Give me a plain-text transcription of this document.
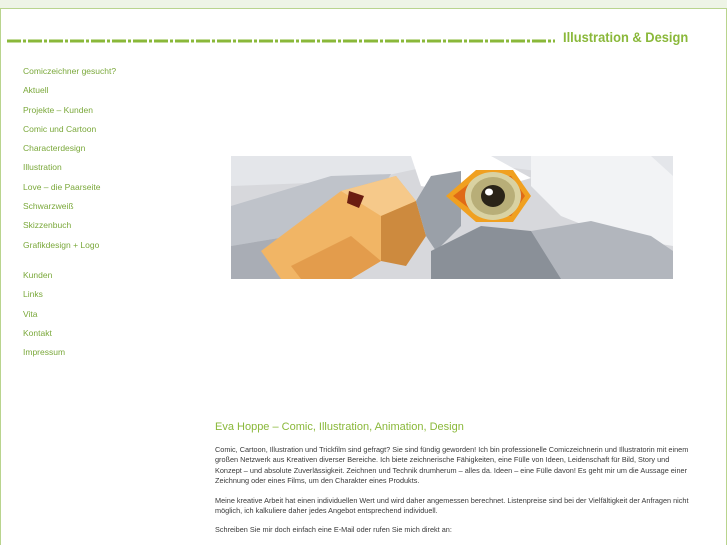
Illustration & Design
Comiczeichner gesucht?
Aktuell
Projekte – Kunden
Comic und Cartoon
Characterdesign
Illustration
Love – die Paarseite
Schwarzweiß
Skizzenbuch
Grafikdesign + Logo
Kunden
Links
Vita
Kontakt
Impressum
Eva Hoppe – Comic, Illustration, Animation, Design

Comic, Cartoon, Illustration und Trickfilm sind gefragt? Sie sind fündig geworden! Ich bin professionelle Comiczeichnerin und Illustratorin mit einem großen Netzwerk aus Kreativen diverser Bereiche. Ich biete zeichnerische Fähigkeiten, eine Fülle von Ideen, Leidenschaft für Bild, Story und Konzept – und absolute Zuverlässigkeit. Zeichnen und Technik drumherum – alles da. Ideen – eine Fülle davon! Es geht mir um die Aussage einer Zeichnung oder eines Films, um den Charakter eines Produkts.

Meine kreative Arbeit hat einen individuellen Wert und wird daher angemessen berechnet. Listenpreise sind bei der Vielfältigkeit der Anfragen nicht möglich, ich kalkuliere daher jedes Angebot entsprechend individuell.

Schreiben Sie mir doch einfach eine E-Mail oder rufen Sie mich direkt an:
